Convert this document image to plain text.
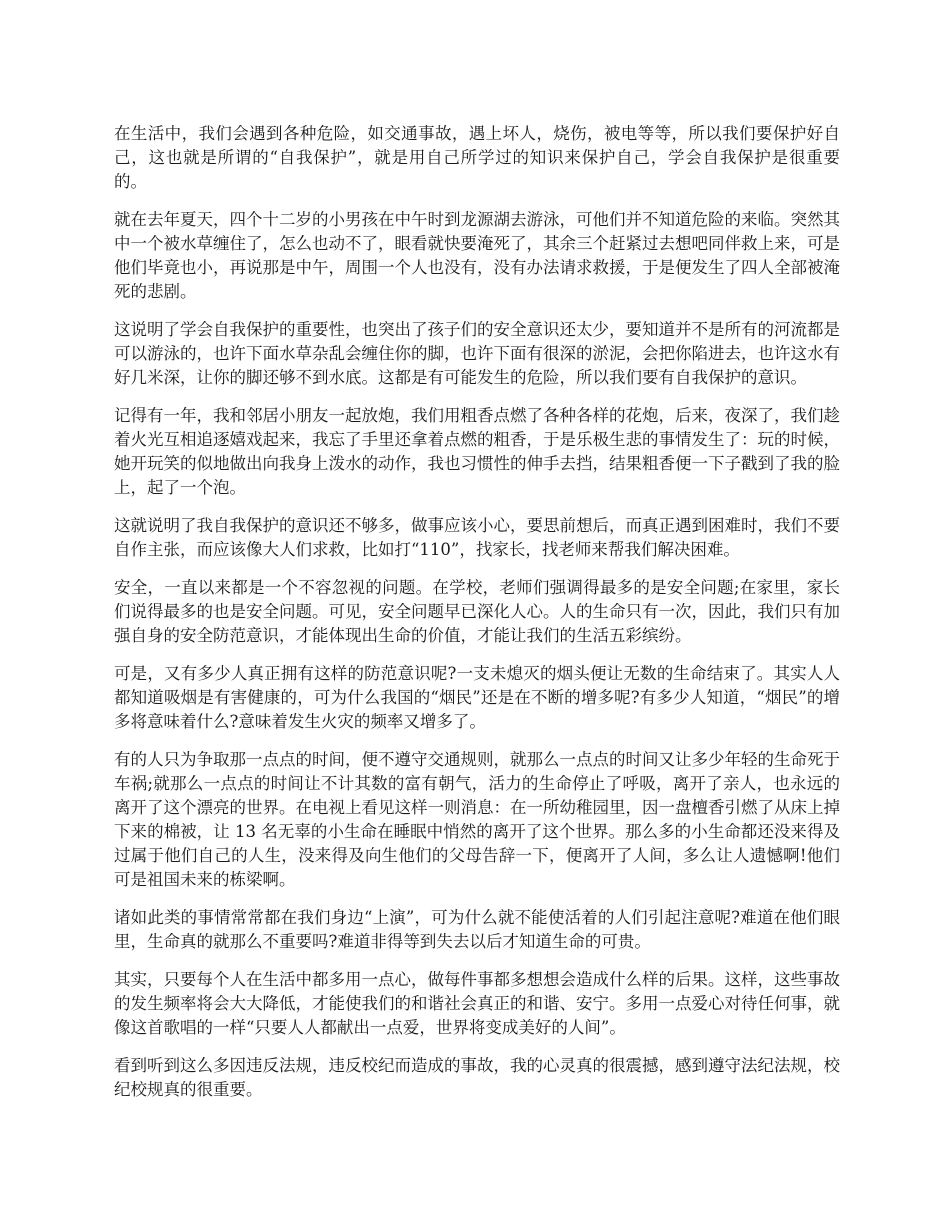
在生活中，我们会遇到各种危险，如交通事故，遇上坏人，烧伤，被电等等，所以我们要保护好自己，这也就是所谓的“自我保护”，就是用自己所学过的知识来保护自己，学会自我保护是很重要的。

就在去年夏天，四个十二岁的小男孩在中午时到龙源湖去游泳，可他们并不知道危险的来临。突然其中一个被水草缠住了，怎么也动不了，眼看就快要淹死了，其余三个赶紧过去想吧同伴救上来，可是他们毕竟也小，再说那是中午，周围一个人也没有，没有办法请求救援，于是便发生了四人全部被淹死的悲剧。

这说明了学会自我保护的重要性，也突出了孩子们的安全意识还太少，要知道并不是所有的河流都是可以游泳的，也许下面水草杂乱会缠住你的脚，也许下面有很深的淤泥，会把你陷进去，也许这水有好几米深，让你的脚还够不到水底。这都是有可能发生的危险，所以我们要有自我保护的意识。

记得有一年，我和邻居小朋友一起放炮，我们用粗香点燃了各种各样的花炮，后来，夜深了，我们趁着火光互相追逐嬉戏起来，我忘了手里还拿着点燃的粗香，于是乐极生悲的事情发生了：玩的时候，她开玩笑的似地做出向我身上泼水的动作，我也习惯性的伸手去挡，结果粗香便一下子戳到了我的脸上，起了一个泡。

这就说明了我自我保护的意识还不够多，做事应该小心，要思前想后，而真正遇到困难时，我们不要自作主张，而应该像大人们求救，比如打“110”，找家长，找老师来帮我们解决困难。

安全，一直以来都是一个不容忽视的问题。在学校，老师们强调得最多的是安全问题;在家里，家长们说得最多的也是安全问题。可见，安全问题早已深化人心。人的生命只有一次，因此，我们只有加强自身的安全防范意识，才能体现出生命的价值，才能让我们的生活五彩缤纷。

可是，又有多少人真正拥有这样的防范意识呢?一支未熄灭的烟头便让无数的生命结束了。其实人人都知道吸烟是有害健康的，可为什么我国的“烟民”还是在不断的增多呢?有多少人知道，“烟民”的增多将意味着什么?意味着发生火灾的频率又增多了。

有的人只为争取那一点点的时间，便不遵守交通规则，就那么一点点的时间又让多少年轻的生命死于车祸;就那么一点点的时间让不计其数的富有朝气，活力的生命停止了呼吸，离开了亲人，也永远的离开了这个漂亮的世界。在电视上看见这样一则消息：在一所幼稚园里，因一盘檀香引燃了从床上掉下来的棉被，让 13 名无辜的小生命在睡眠中悄然的离开了这个世界。那么多的小生命都还没来得及过属于他们自己的人生，没来得及向生他们的父母告辞一下，便离开了人间，多么让人遗憾啊!他们可是祖国未来的栋梁啊。

诸如此类的事情常常都在我们身边“上演”，可为什么就不能使活着的人们引起注意呢?难道在他们眼里，生命真的就那么不重要吗?难道非得等到失去以后才知道生命的可贵。

其实，只要每个人在生活中都多用一点心，做每件事都多想想会造成什么样的后果。这样，这些事故的发生频率将会大大降低，才能使我们的和谐社会真正的和谐、安宁。多用一点爱心对待任何事，就像这首歌唱的一样“只要人人都献出一点爱，世界将变成美好的人间”。

看到听到这么多因违反法规，违反校纪而造成的事故，我的心灵真的很震撼，感到遵守法纪法规，校纪校规真的很重要。
